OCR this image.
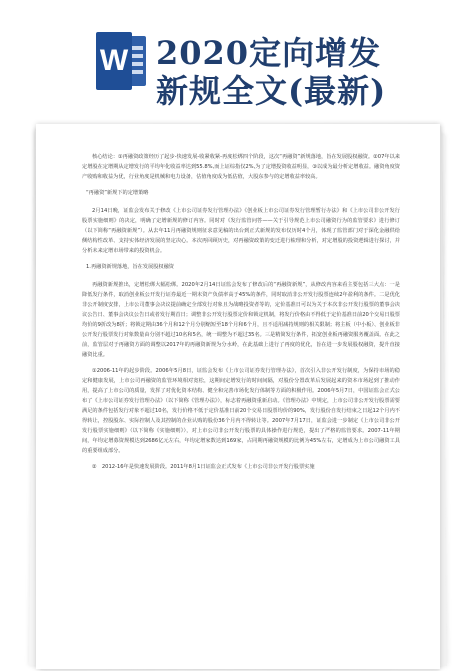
W 2020定向增发
新规全文(最新)

核心结论：①再融资政策经历了起步-快速发展-收紧收紧-再度松绑四个阶段，这次“再融资”新规落地，旨在发展股权融资。②07年以来定增股在定增期从定增发行的平均年化收益率达到55.8%,而上证综指仅2%,为了定增投资收益明显，③以成为最分析定增收益。融资角度资产收购和收益为优，行业角度是机械和电力设备，估值角度成为低估值，大股东参与的定增收益率较高。

“再融资”新规下的定增策略

2月14日晚，证监会发布关于修改《上市公司证券发行管理办法》《创业板上市公司证券发行管理暂行办法》和《上市公司非公开发行股票实施细则》的决定，明确了定增新规的修订内容。同时对《发行监管问答——关于引导规范上市公司融资行为的监管要求》进行修订（以下简称“再融资新规”）。从去年11月再融资规则征求意见稿的出台到正式新规的发布仅历时4个月，体现了监管部门对于深化金融供给侧结构性改革、支持实体经济发展的坚定决心。本次再回顾历史，对再融资政策的变迁进行梳理和分析，对定增股的投资逻辑进行探讨，并分析未来定增市场带来的投资机会。

1.再融资新规落地，旨在发展股权融资

再融资新规推出，定增松绑大幅松绑。2020年2月14日证监会发布了修改后的“再融资新规”，从修改内容来看主要包括三大点：一是降低发行条件，取消创业板公开发行证券最近一期末资产负债率高于45%的条件，同时取消非公开发行股票连续2年盈利的条件。二是优化非公开制度安排，上市公司董事会决议提前确定全部发行对象且为战略投资者等的，定价基准日可以为关于本次非公开发行股票的董事会决议公告日、董事会决议公告日或者发行期首日；调整非公开发行股票定价和锁定机制，将发行价格由不得低于定价基准日前20个交易日股票均价的9折改为8折；将锁定期由36个月和12个月分别缩短至18个月和6个月，且不适用减持规则的相关限制；将主板（中小板）、创业板非公开发行股票发行对象数量由分别不超过10名和5名，统一调整为不超过35名。三是精简发行条件，拓宽创业板再融资服务覆盖面。在此之前，监管层对于再融资方面的调整以2017年的再融资新规为分水岭，在此基础上进行了再度的优化，旨在进一步发展股权融资，提升直接融资比重。

①2006-11年的起步阶段。2006年5月8日，证监会发布《上市公司证券发行管理办法》，首次引入非公开发行制度，为保持市场的稳定和健康发展，上市公司再融资的监管环境相对宽松，这期间定增发行的时间间隔，对股份分置改革后发展起来的资本市场起到了推动作用，提高了上市公司的质量，发挥了对优化资本结构、健全和完善市场化发行体制等方面的积极作用。2006年5月7日，中国证监会正式公布了《上市公司证券发行管理办法》（以下简称《管理办法》），标志着再融资重新启动。《管理办法》中规定，上市公司非公开发行股票需要满足的条件包括发行对象不超过10名，发行价格不低于定价基准日前20个交易日股票均价的90%，发行股份自发行结束之日起12个月内不得转让，控股股东、实际控制人及其控制的企业认购的股份36个月内不得转让等。2007年7月17日，证监会进一步制定《上市公司非公开发行股票实施细则》（以下简称《实施细则》），对上市公司非公开发行股票的具体操作进行规范，提出了严格的监管要求。2007-11年期间，年均定增募资规模达到2686亿元左右，年均定增家数达到169家，占同期再融资规模的比例为45%左右，定增成为上市公司融资工具的重要组成部分。

②　2012-16年是快速发展阶段。2011年8月1日证监会正式发布《上市公司非公开发行股票实施
